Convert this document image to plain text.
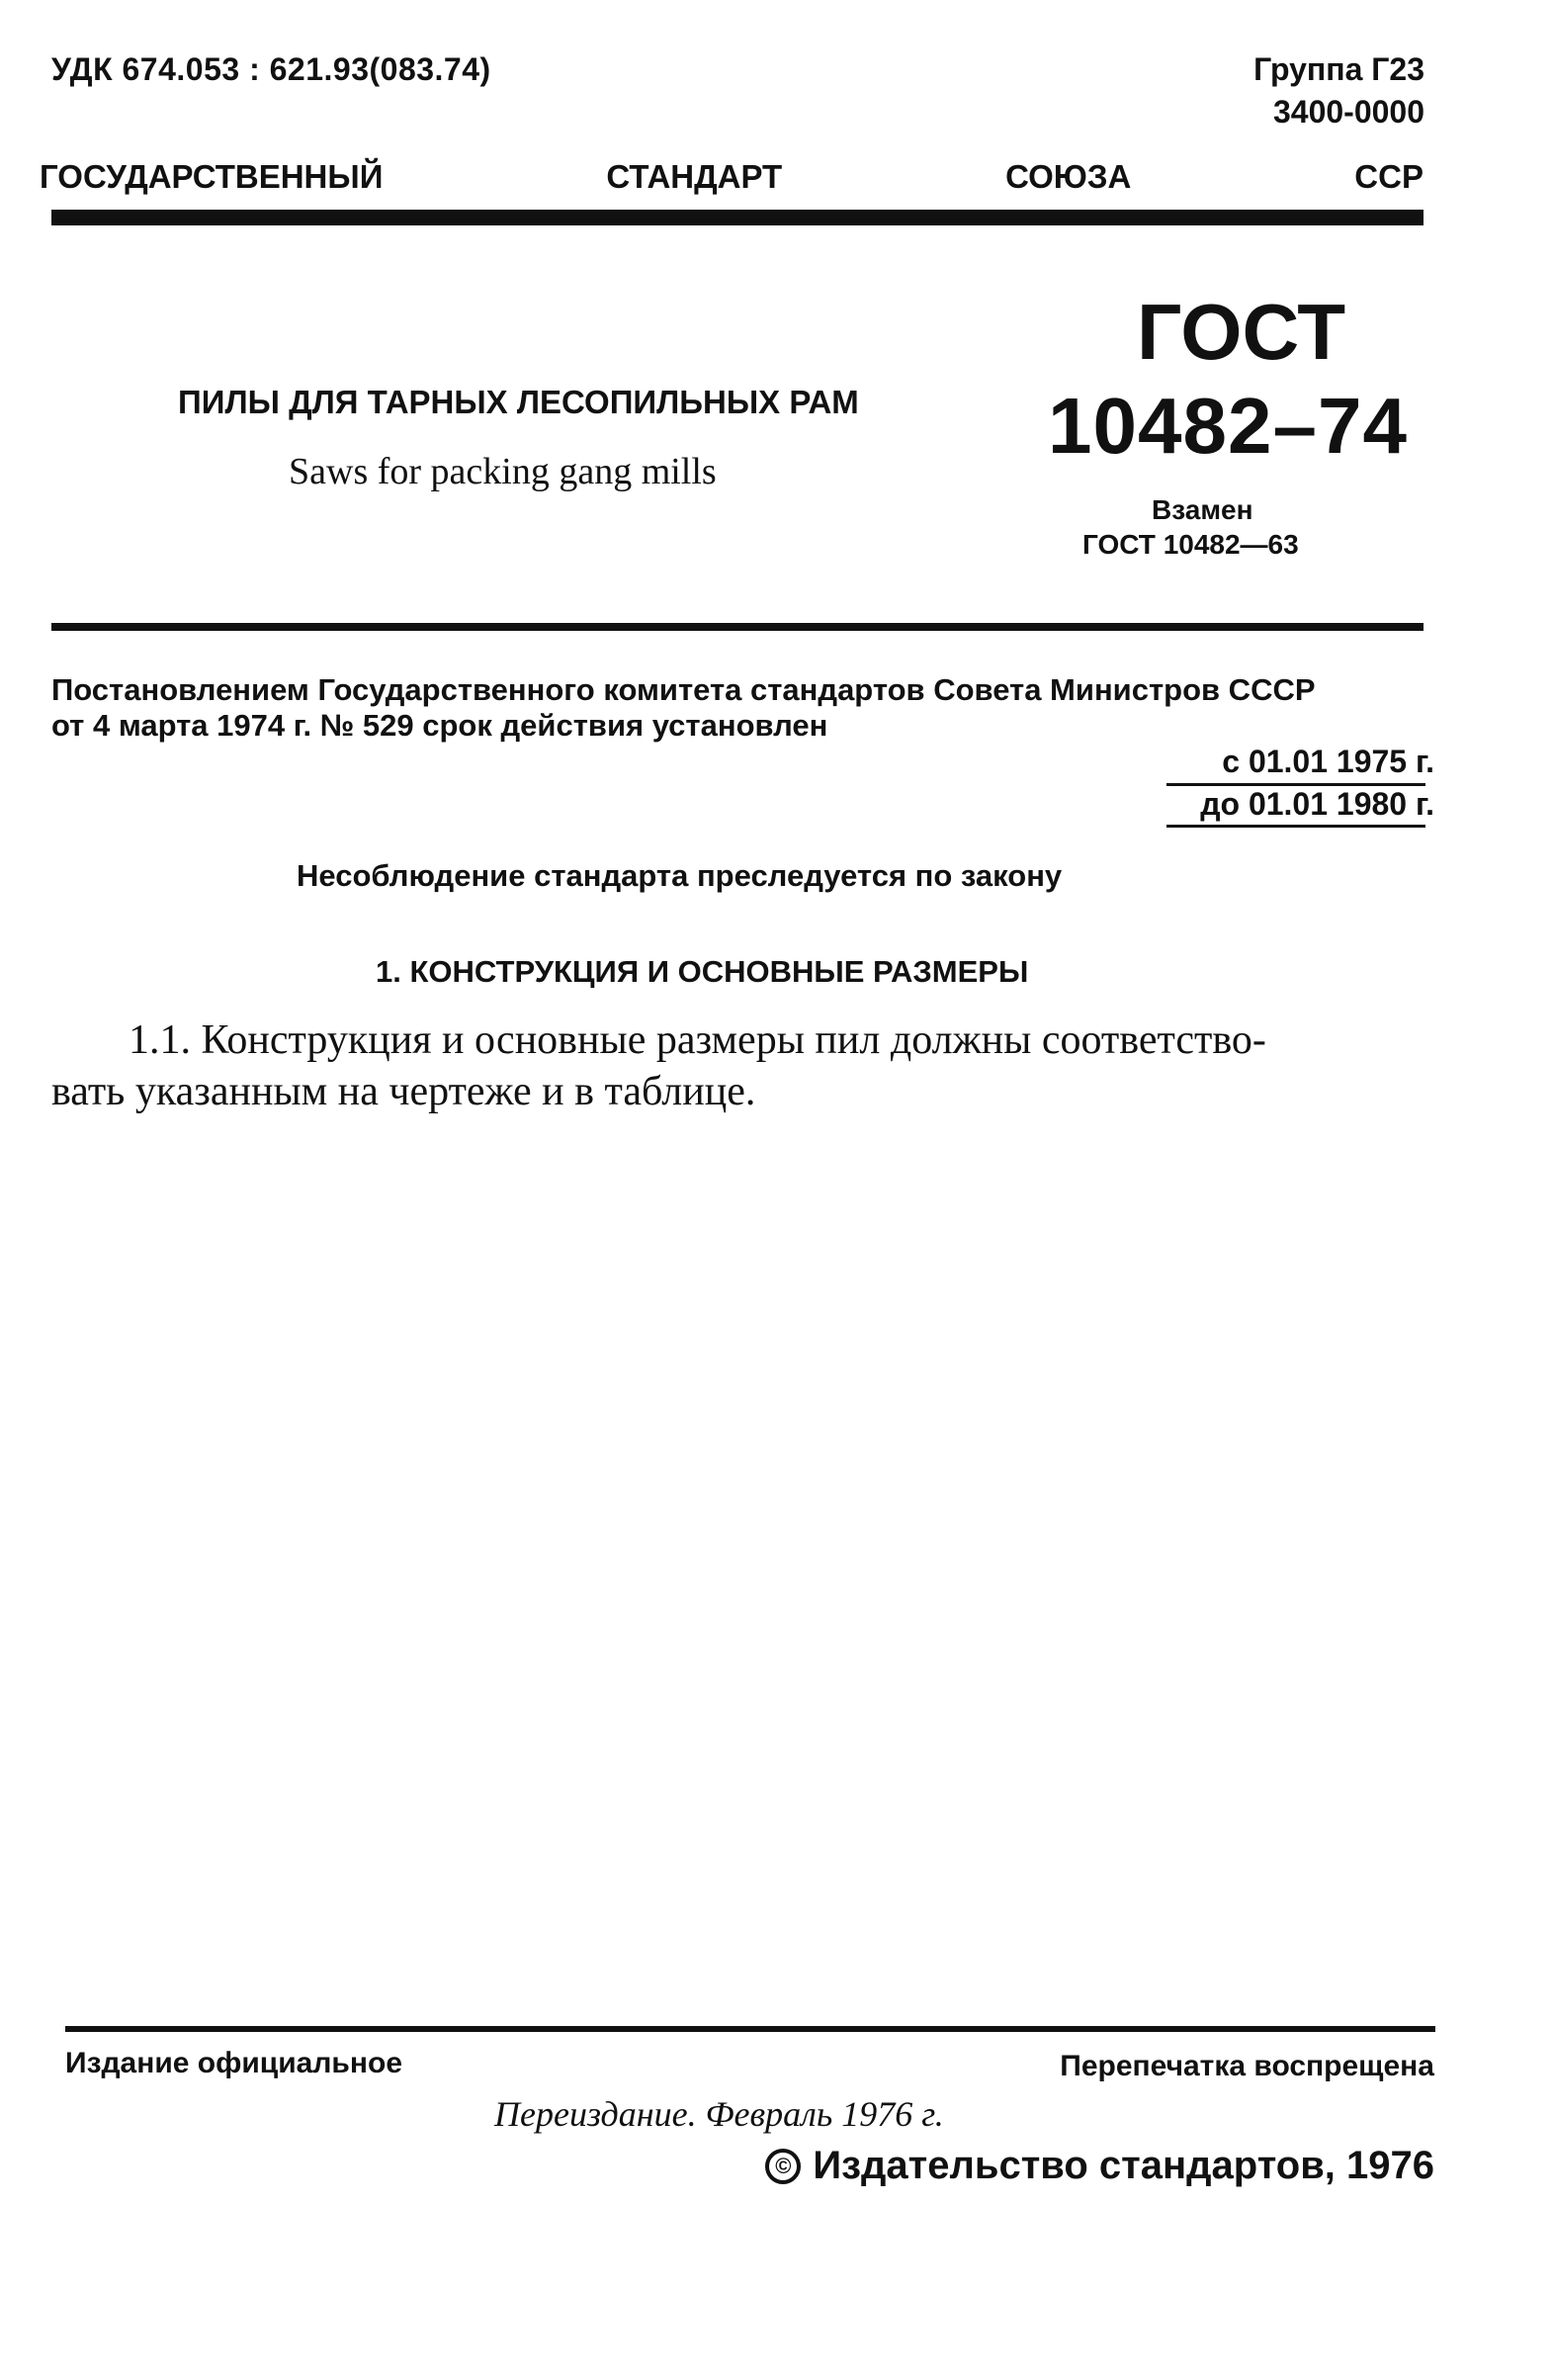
УДК 674.053 : 621.93(083.74)	Группа Г23
3400-0000
ГОСУДАРСТВЕННЫЙ	СТАНДАРТ	СОЮЗА	ССР
ПИЛЫ ДЛЯ ТАРНЫХ ЛЕСОПИЛЬНЫХ РАМ
Saws for packing gang mills
ГОСТ
10482–74
Взамен
ГОСТ 10482—63
Постановлением Государственного комитета стандартов Совета Министров СССР
от 4 марта 1974 г. № 529 срок действия установлен
с 01.01 1975 г.
до 01.01 1980 г.
Несоблюдение стандарта преследуется по закону
1. КОНСТРУКЦИЯ И ОСНОВНЫЕ РАЗМЕРЫ
1.1. Конструкция и основные размеры пил должны соответство-
вать указанным на чертеже и в таблице.
Издание официальное	Перепечатка воспрещена
Переиздание. Февраль 1976 г.
© Издательство стандартов, 1976
